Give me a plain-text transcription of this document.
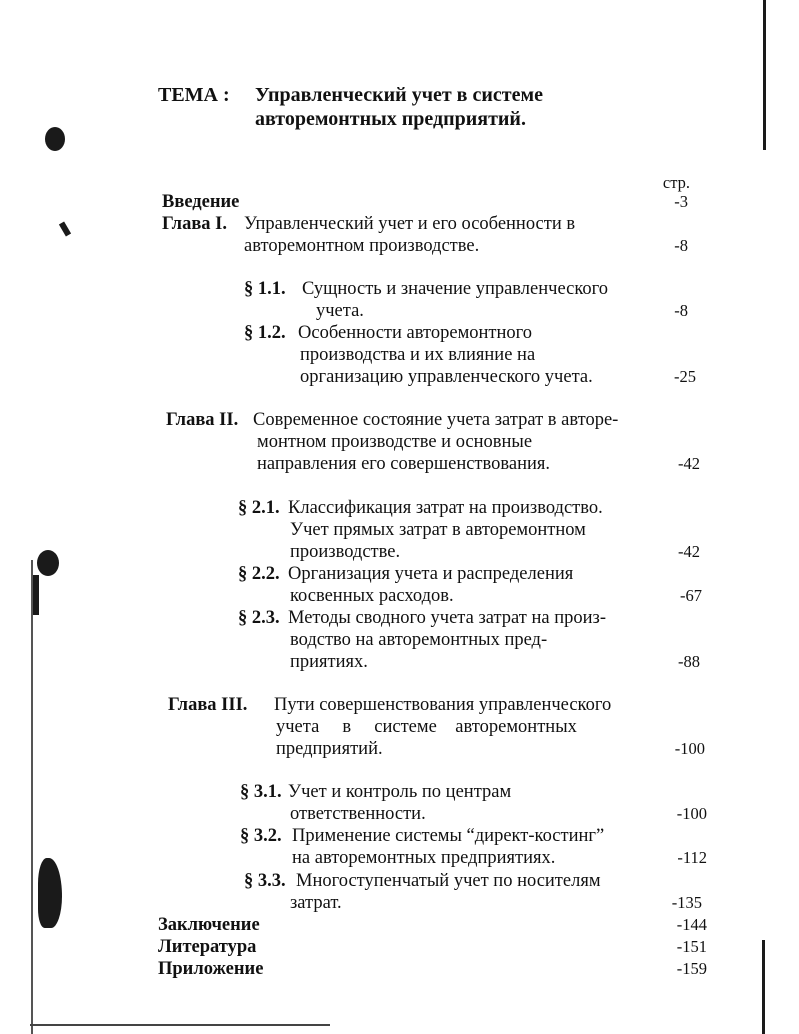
ТЕМА : Управленческий учет в системе
авторемонтных предприятий.
стр.
Введение	-3
Глава I. Управленческий учет и его особенности в
авторемонтном производстве.	-8
§ 1.1. Сущность и значение управленческого
учета.	-8
§ 1.2. Особенности авторемонтного
производства и их влияние на
организацию управленческого учета.	-25
Глава II. Современное состояние учета затрат в авторе-
монтном производстве и основные
направления его совершенствования.	-42
§ 2.1. Классификация затрат на производство.
Учет прямых затрат в авторемонтном
производстве.	-42
§ 2.2. Организация учета и распределения
косвенных расходов.	-67
§ 2.3. Методы сводного учета затрат на произ-
водство на авторемонтных пред-
приятиях.	-88
Глава III. Пути совершенствования управленческого
учета     в     системе    авторемонтных
предприятий.	-100
§ 3.1. Учет и контроль по центрам
ответственности.	-100
§ 3.2. Применение системы “директ-костинг”
на авторемонтных предприятиях.	-112
§ 3.3. Многоступенчатый учет по носителям
затрат.	-135
Заключение	-144
Литература	-151
Приложение	-159
